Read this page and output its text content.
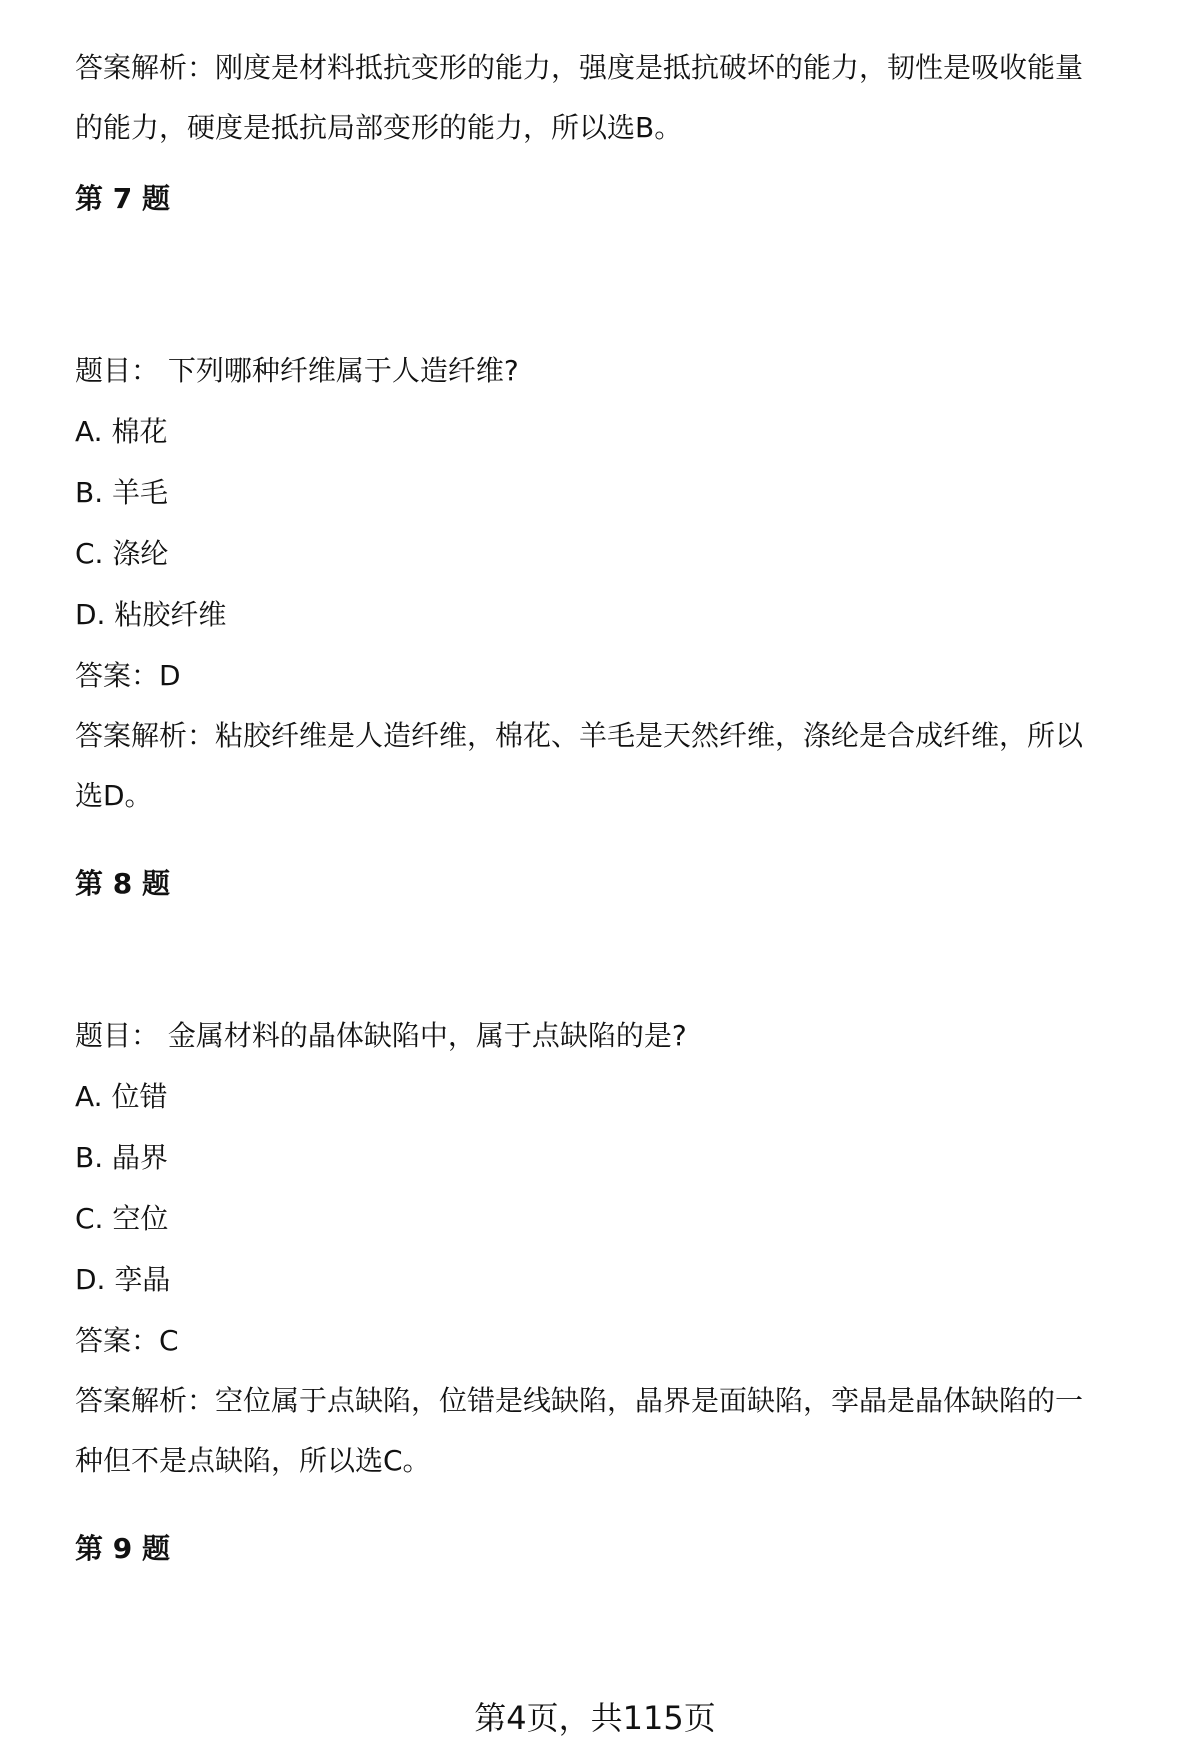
答案解析：刚度是材料抵抗变形的能力，强度是抵抗破坏的能力，韧性是吸收能量
的能力，硬度是抵抗局部变形的能力，所以选B。
第 7 题
题目： 下列哪种纤维属于人造纤维?
A. 棉花
B. 羊毛
C. 涤纶
D. 粘胶纤维
答案：D
答案解析：粘胶纤维是人造纤维，棉花、羊毛是天然纤维，涤纶是合成纤维，所以
选D。
第 8 题
题目： 金属材料的晶体缺陷中，属于点缺陷的是?
A. 位错
B. 晶界
C. 空位
D. 孪晶
答案：C
答案解析：空位属于点缺陷，位错是线缺陷，晶界是面缺陷，孪晶是晶体缺陷的一
种但不是点缺陷，所以选C。
第 9 题
第4页，共115页
